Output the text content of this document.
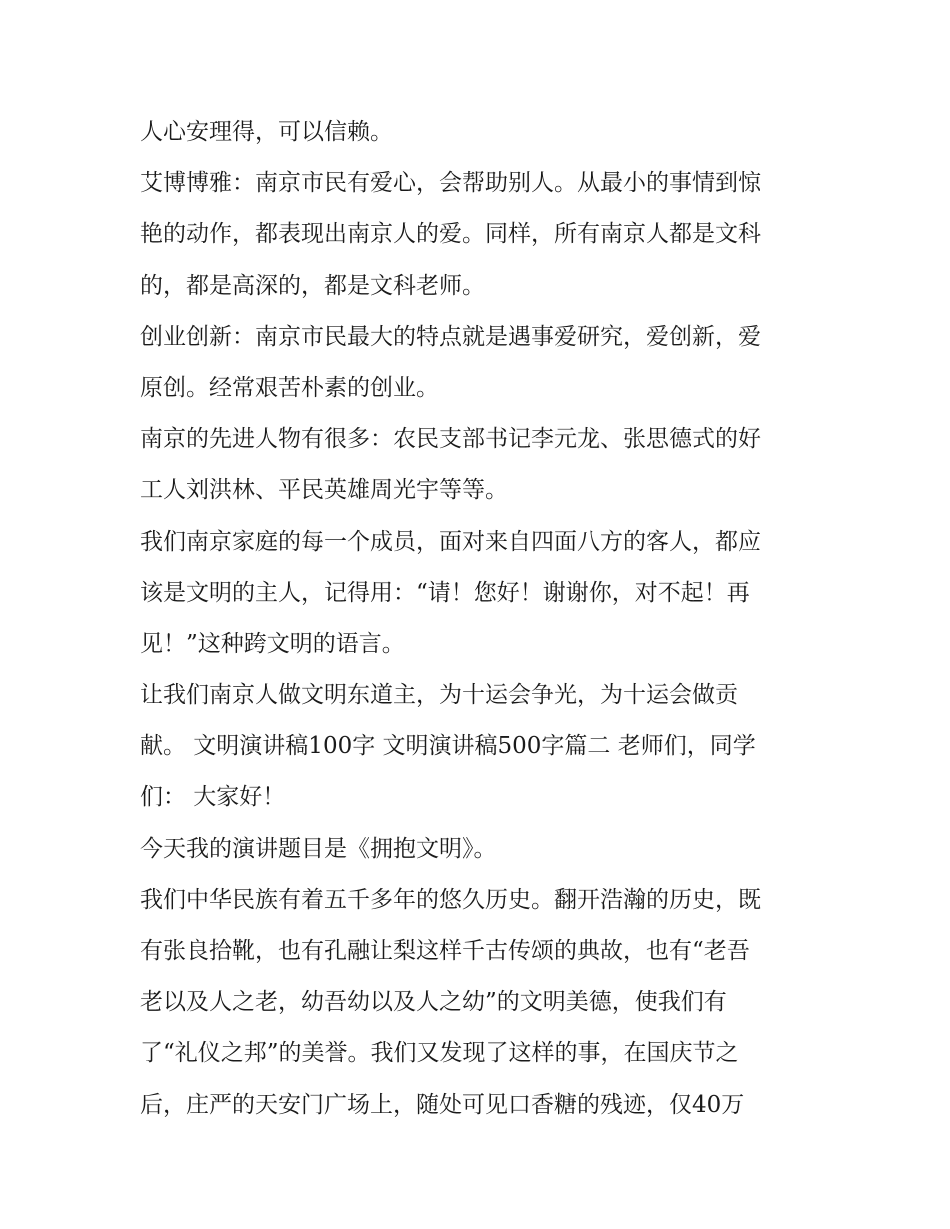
人心安理得，可以信赖。

艾博博雅：南京市民有爱心，会帮助别人。从最小的事情到惊
艳的动作，都表现出南京人的爱。同样，所有南京人都是文科
的，都是高深的，都是文科老师。

创业创新：南京市民最大的特点就是遇事爱研究，爱创新，爱
原创。经常艰苦朴素的创业。

南京的先进人物有很多：农民支部书记李元龙、张思德式的好
工人刘洪林、平民英雄周光宇等等。

我们南京家庭的每一个成员，面对来自四面八方的客人，都应
该是文明的主人，记得用：“请！您好！谢谢你，对不起！再
见！”这种跨文明的语言。

让我们南京人做文明东道主，为十运会争光，为十运会做贡
献。 文明演讲稿100字 文明演讲稿500字篇二 老师们，同学
们： 大家好！

今天我的演讲题目是《拥抱文明》。

我们中华民族有着五千多年的悠久历史。翻开浩瀚的历史，既
有张良拾靴，也有孔融让梨这样千古传颂的典故，也有“老吾
老以及人之老，幼吾幼以及人之幼”的文明美德，使我们有
了“礼仪之邦”的美誉。我们又发现了这样的事，在国庆节之
后，庄严的天安门广场上，随处可见口香糖的残迹，仅40万
